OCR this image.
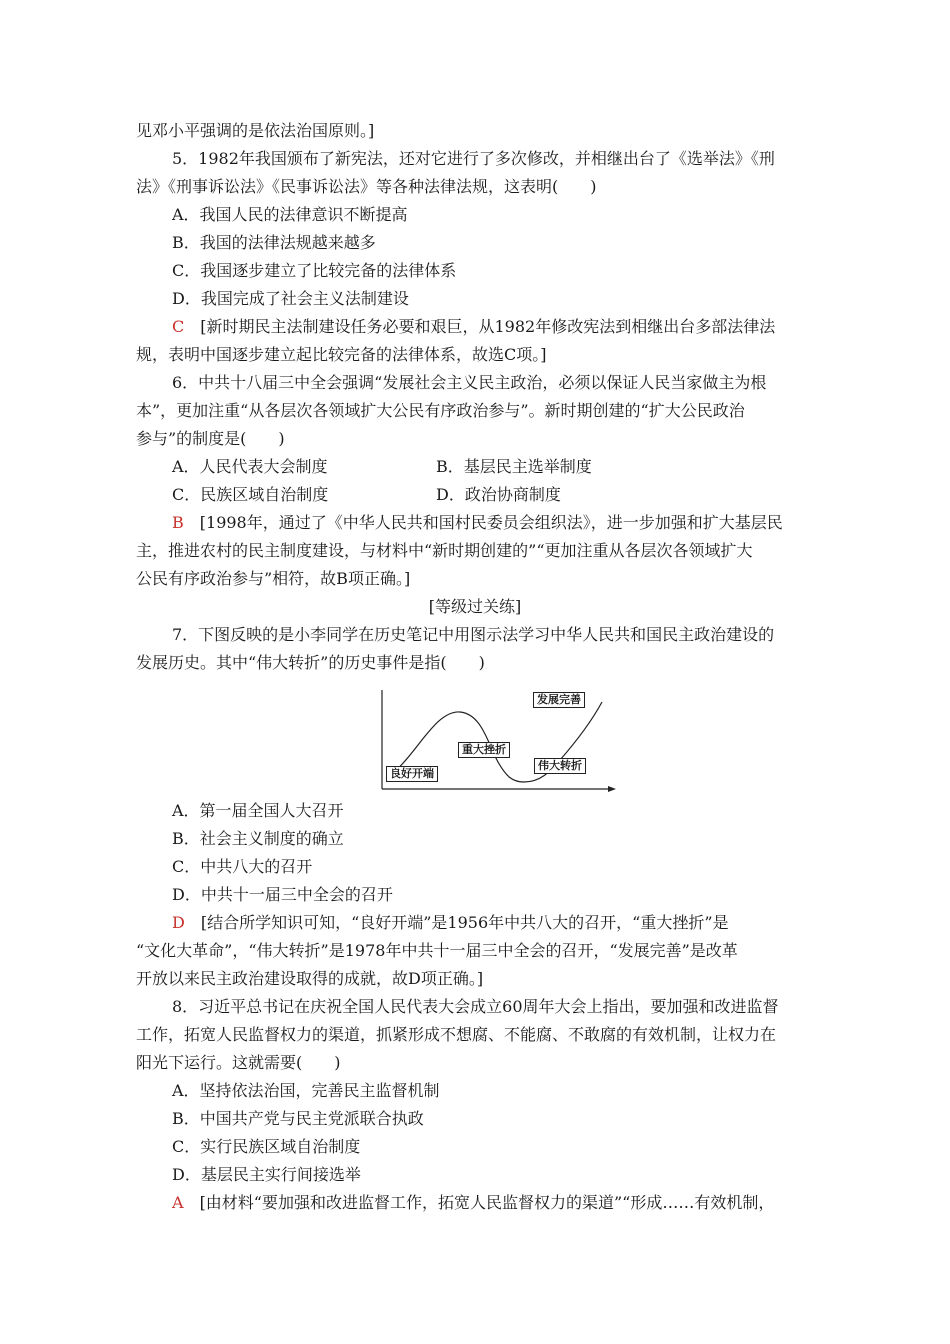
见邓小平强调的是依法治国原则。]
5．1982年我国颁布了新宪法，还对它进行了多次修改，并相继出台了《选举法》《刑
法》《刑事诉讼法》《民事诉讼法》等各种法律法规，这表明(　　)
A．我国人民的法律意识不断提高
B．我国的法律法规越来越多
C．我国逐步建立了比较完备的法律体系
D．我国完成了社会主义法制建设
C　[新时期民主法制建设任务必要和艰巨，从1982年修改宪法到相继出台多部法律法
规，表明中国逐步建立起比较完备的法律体系，故选C项。]
6．中共十八届三中全会强调“发展社会主义民主政治，必须以保证人民当家做主为根
本”，更加注重“从各层次各领域扩大公民有序政治参与”。新时期创建的“扩大公民政治
参与”的制度是(　　)
A．人民代表大会制度	B．基层民主选举制度
C．民族区域自治制度	D．政治协商制度
B　[1998年，通过了《中华人民共和国村民委员会组织法》，进一步加强和扩大基层民
主，推进农村的民主制度建设，与材料中“新时期创建的”“更加注重从各层次各领域扩大
公民有序政治参与”相符，故B项正确。]
[等级过关练]
7．下图反映的是小李同学在历史笔记中用图示法学习中华人民共和国民主政治建设的
发展历史。其中“伟大转折”的历史事件是指(　　)
发展完善
重大挫折
良好开端
伟大转折
A．第一届全国人大召开
B．社会主义制度的确立
C．中共八大的召开
D．中共十一届三中全会的召开
D　[结合所学知识可知，“良好开端”是1956年中共八大的召开，“重大挫折”是
“文化大革命”，“伟大转折”是1978年中共十一届三中全会的召开，“发展完善”是改革
开放以来民主政治建设取得的成就，故D项正确。]
8．习近平总书记在庆祝全国人民代表大会成立60周年大会上指出，要加强和改进监督
工作，拓宽人民监督权力的渠道，抓紧形成不想腐、不能腐、不敢腐的有效机制，让权力在
阳光下运行。这就需要(　　)
A．坚持依法治国，完善民主监督机制
B．中国共产党与民主党派联合执政
C．实行民族区域自治制度
D．基层民主实行间接选举
A　[由材料“要加强和改进监督工作，拓宽人民监督权力的渠道”“形成……有效机制，
